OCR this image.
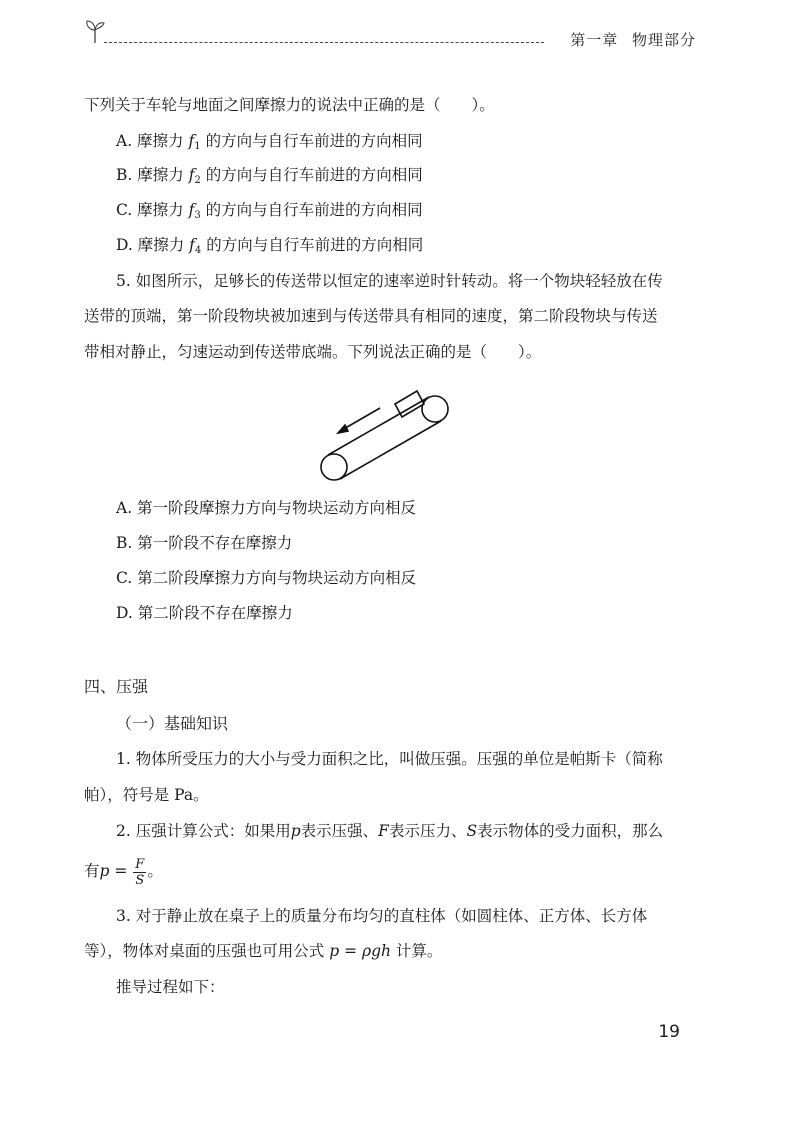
第一章 物理部分
下列关于车轮与地面之间摩擦力的说法中正确的是（　　）。
A. 摩擦力 $f_1$ 的方向与自行车前进的方向相同
B. 摩擦力 $f_2$ 的方向与自行车前进的方向相同
C. 摩擦力 $f_3$ 的方向与自行车前进的方向相同
D. 摩擦力 $f_4$ 的方向与自行车前进的方向相同
5. 如图所示，足够长的传送带以恒定的速率逆时针转动。将一个物块轻轻放在传
送带的顶端，第一阶段物块被加速到与传送带具有相同的速度，第二阶段物块与传送
带相对静止，匀速运动到传送带底端。下列说法正确的是（　　）。
A. 第一阶段摩擦力方向与物块运动方向相反
B. 第一阶段不存在摩擦力
C. 第二阶段摩擦力方向与物块运动方向相反
D. 第二阶段不存在摩擦力
四、压强
（一）基础知识
1. 物体所受压力的大小与受力面积之比，叫做压强。压强的单位是帕斯卡（简称
帕），符号是 Pa。
2. 压强计算公式：如果用p表示压强、F表示压力、S表示物体的受力面积，那么
有$p = \frac{F}{S}$ 。
3. 对于静止放在桌子上的质量分布均匀的直柱体（如圆柱体、正方体、长方体
等），物体对桌面的压强也可用公式 p = ρgh 计算。
推导过程如下：
19
